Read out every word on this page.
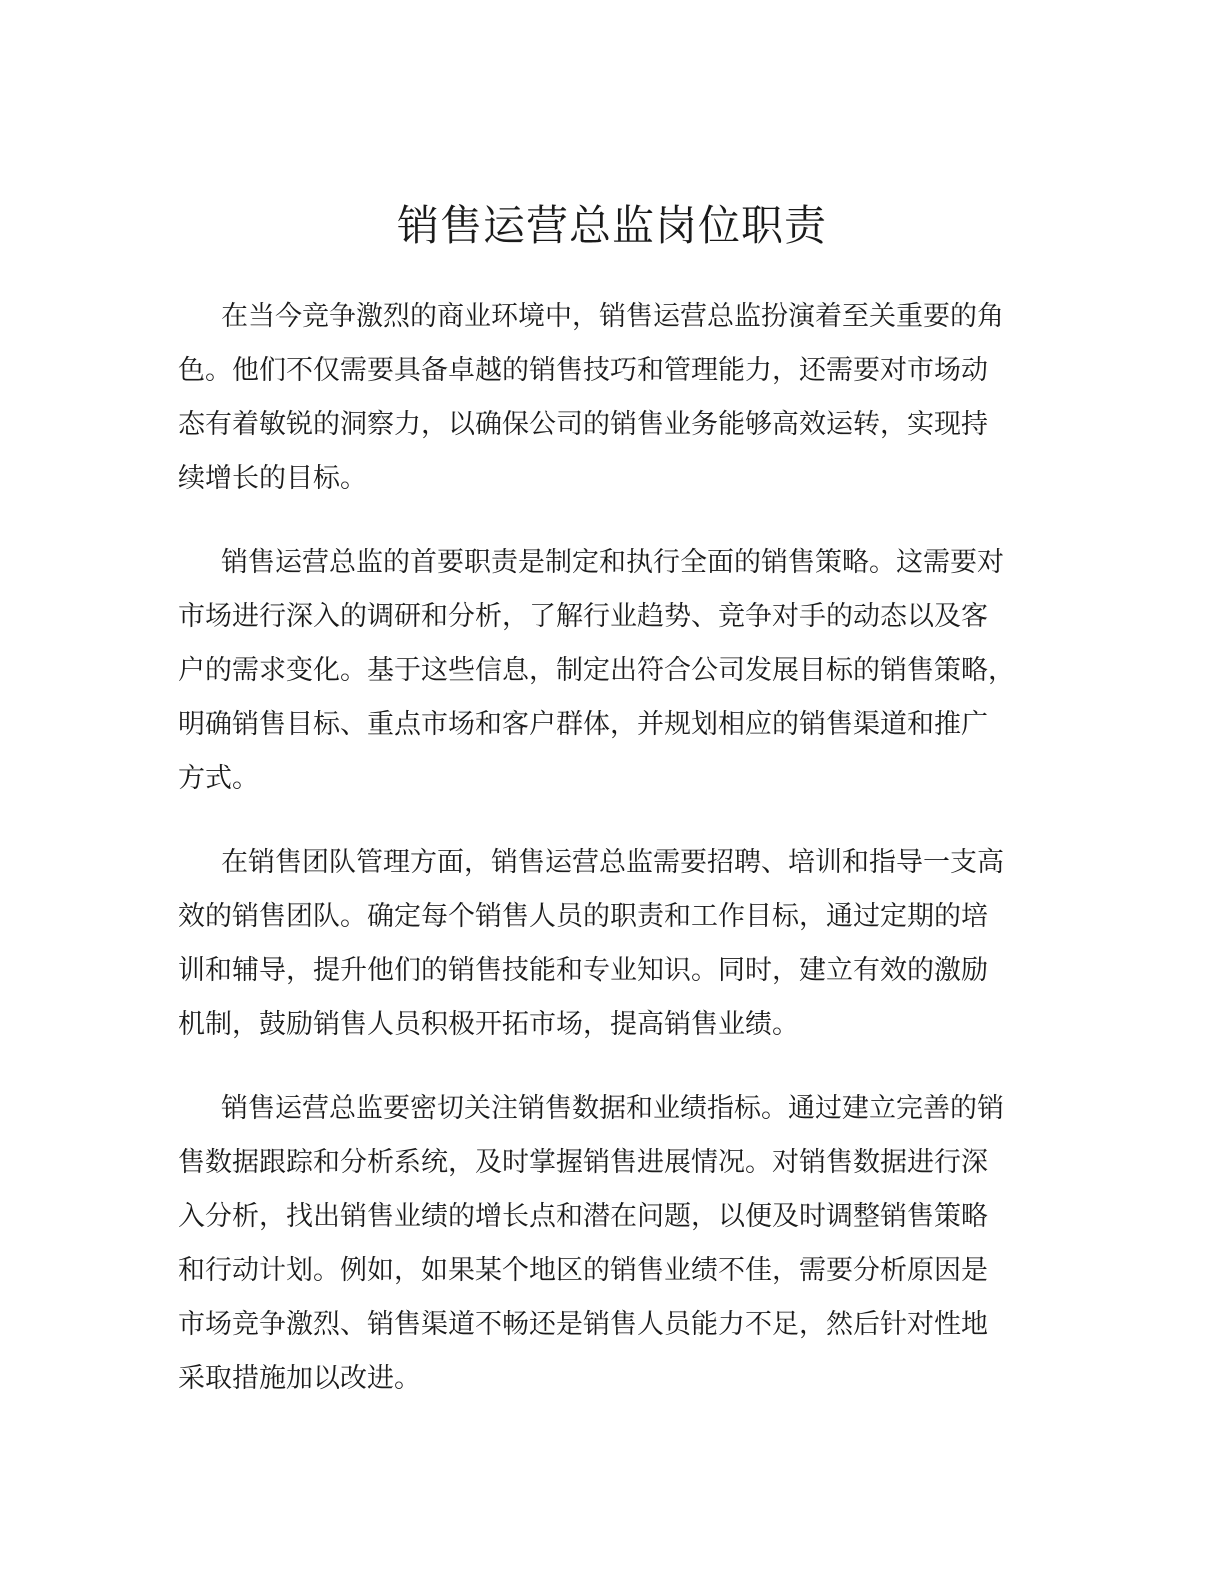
销售运营总监岗位职责

在当今竞争激烈的商业环境中，销售运营总监扮演着至关重要的角
色。他们不仅需要具备卓越的销售技巧和管理能力，还需要对市场动
态有着敏锐的洞察力，以确保公司的销售业务能够高效运转，实现持
续增长的目标。

销售运营总监的首要职责是制定和执行全面的销售策略。这需要对
市场进行深入的调研和分析，了解行业趋势、竞争对手的动态以及客
户的需求变化。基于这些信息，制定出符合公司发展目标的销售策略，
明确销售目标、重点市场和客户群体，并规划相应的销售渠道和推广
方式。

在销售团队管理方面，销售运营总监需要招聘、培训和指导一支高
效的销售团队。确定每个销售人员的职责和工作目标，通过定期的培
训和辅导，提升他们的销售技能和专业知识。同时，建立有效的激励
机制，鼓励销售人员积极开拓市场，提高销售业绩。

销售运营总监要密切关注销售数据和业绩指标。通过建立完善的销
售数据跟踪和分析系统，及时掌握销售进展情况。对销售数据进行深
入分析，找出销售业绩的增长点和潜在问题，以便及时调整销售策略
和行动计划。例如，如果某个地区的销售业绩不佳，需要分析原因是
市场竞争激烈、销售渠道不畅还是销售人员能力不足，然后针对性地
采取措施加以改进。
